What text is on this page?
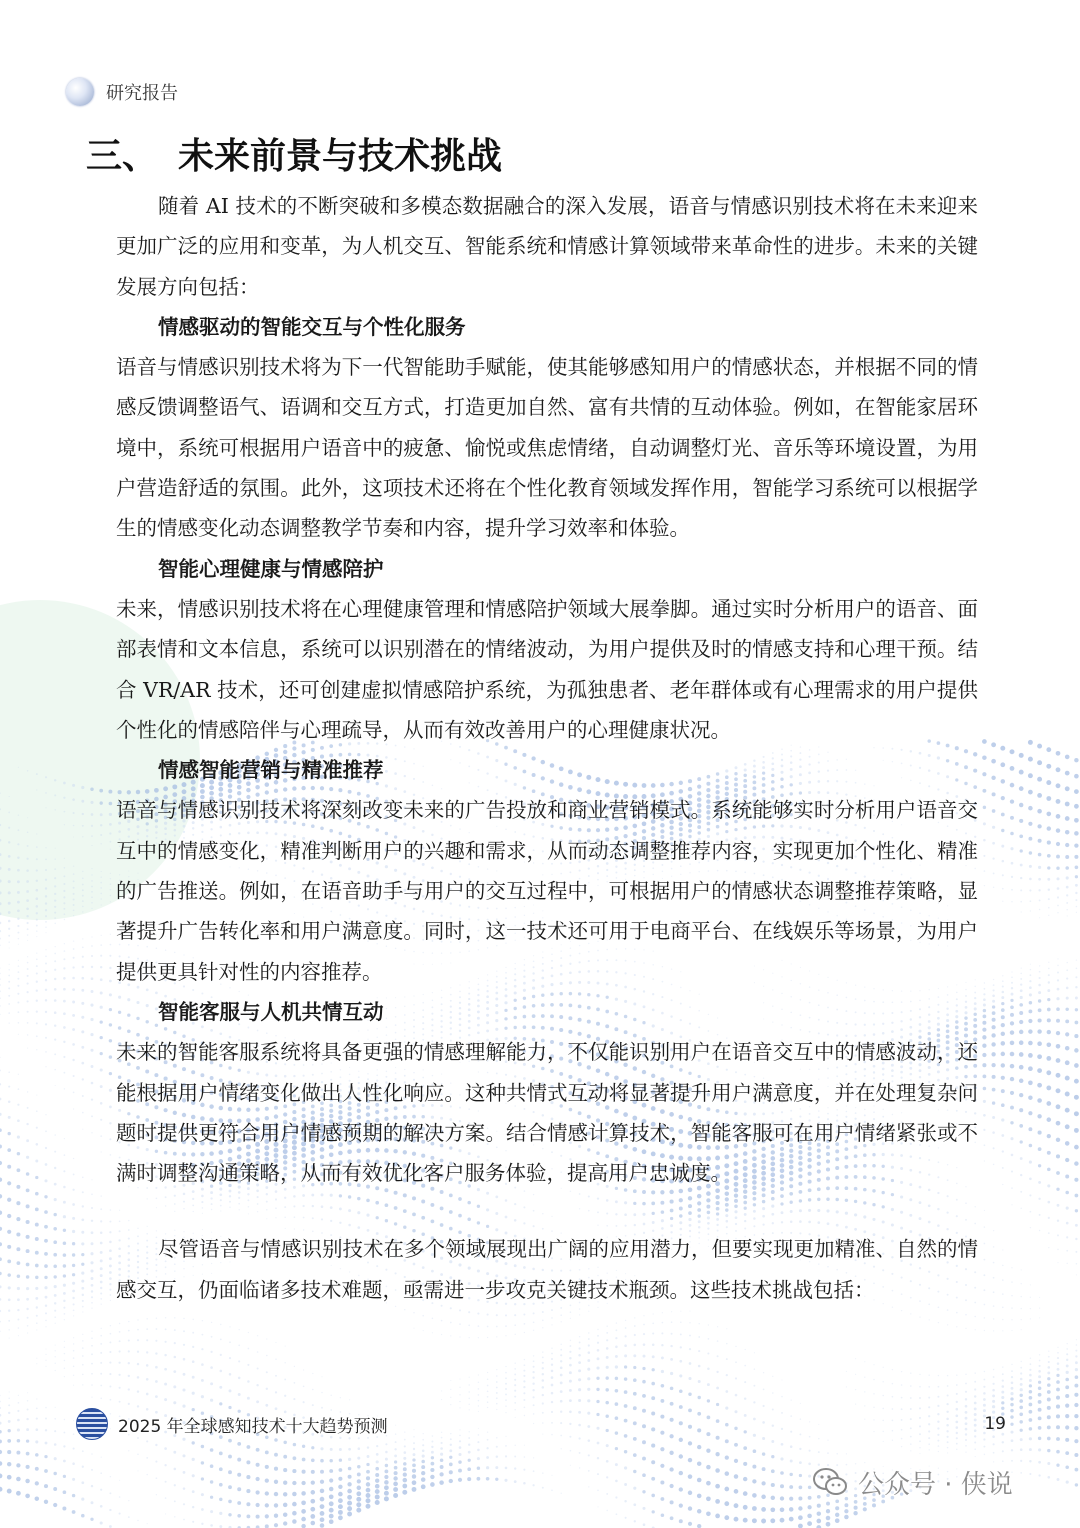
研究报告
三、 未来前景与技术挑战

随着 AI 技术的不断突破和多模态数据融合的深入发展，语音与情感识别技术将在未来迎来更加广泛的应用和变革，为人机交互、智能系统和情感计算领域带来革命性的进步。未来的关键发展方向包括：

情感驱动的智能交互与个性化服务

语音与情感识别技术将为下一代智能助手赋能，使其能够感知用户的情感状态，并根据不同的情感反馈调整语气、语调和交互方式，打造更加自然、富有共情的互动体验。例如，在智能家居环境中，系统可根据用户语音中的疲惫、愉悦或焦虑情绪，自动调整灯光、音乐等环境设置，为用户营造舒适的氛围。此外，这项技术还将在个性化教育领域发挥作用，智能学习系统可以根据学生的情感变化动态调整教学节奏和内容，提升学习效率和体验。

智能心理健康与情感陪护

未来，情感识别技术将在心理健康管理和情感陪护领域大展拳脚。通过实时分析用户的语音、面部表情和文本信息，系统可以识别潜在的情绪波动，为用户提供及时的情感支持和心理干预。结合 VR/AR 技术，还可创建虚拟情感陪护系统，为孤独患者、老年群体或有心理需求的用户提供个性化的情感陪伴与心理疏导，从而有效改善用户的心理健康状况。

情感智能营销与精准推荐

语音与情感识别技术将深刻改变未来的广告投放和商业营销模式。系统能够实时分析用户语音交互中的情感变化，精准判断用户的兴趣和需求，从而动态调整推荐内容，实现更加个性化、精准的广告推送。例如，在语音助手与用户的交互过程中，可根据用户的情感状态调整推荐策略，显著提升广告转化率和用户满意度。同时，这一技术还可用于电商平台、在线娱乐等场景，为用户提供更具针对性的内容推荐。

智能客服与人机共情互动

未来的智能客服系统将具备更强的情感理解能力，不仅能识别用户在语音交互中的情感波动，还能根据用户情绪变化做出人性化响应。这种共情式互动将显著提升用户满意度，并在处理复杂问题时提供更符合用户情感预期的解决方案。结合情感计算技术，智能客服可在用户情绪紧张或不满时调整沟通策略，从而有效优化客户服务体验，提高用户忠诚度。

尽管语音与情感识别技术在多个领域展现出广阔的应用潜力，但要实现更加精准、自然的情感交互，仍面临诸多技术难题，亟需进一步攻克关键技术瓶颈。这些技术挑战包括：

2025 年全球感知技术十大趋势预测	19
公众号 · 侠说
